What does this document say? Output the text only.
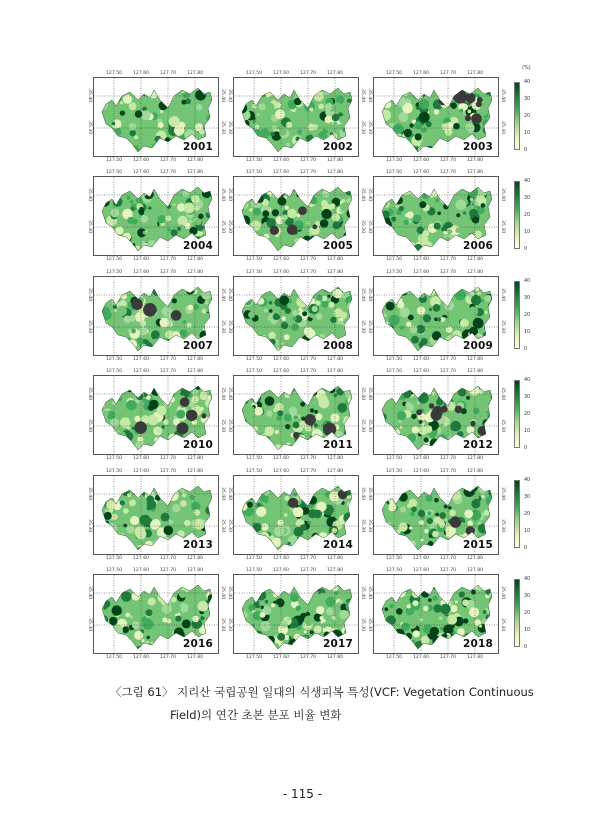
2001
127.50
127.50
127.60
127.60
127.70
127.70
127.80
127.80
35.40	35.40
35.30	35.30
2002
127.50
127.50
127.60
127.60
127.70
127.70
127.80
127.80
35.40	35.40
35.30	35.30
2003
127.50
127.50
127.60
127.60
127.70
127.70
127.80
127.80
35.40	35.40
35.30	35.30
2004
127.50
127.50
127.60
127.60
127.70
127.70
127.80
127.80
35.40	35.40
35.30	35.30
2005
127.50
127.50
127.60
127.60
127.70
127.70
127.80
127.80
35.40	35.40
35.30	35.30
2006
127.50
127.50
127.60
127.60
127.70
127.70
127.80
127.80
35.40	35.40
35.30	35.30
2007
127.50
127.50
127.60
127.60
127.70
127.70
127.80
127.80
35.40	35.40
35.30	35.30
2008
127.50
127.50
127.60
127.60
127.70
127.70
127.80
127.80
35.40	35.40
35.30	35.30
2009
127.50
127.50
127.60
127.60
127.70
127.70
127.80
127.80
35.40	35.40
35.30	35.30
2010
127.50
127.50
127.60
127.60
127.70
127.70
127.80
127.80
35.40	35.40
35.30	35.30
2011
127.50
127.50
127.60
127.60
127.70
127.70
127.80
127.80
35.40	35.40
35.30	35.30
2012
127.50
127.50
127.60
127.60
127.70
127.70
127.80
127.80
35.40	35.40
35.30	35.30
2013
127.50
127.50
127.60
127.60
127.70
127.70
127.80
127.80
35.40	35.40
35.30	35.30
2014
127.50
127.50
127.60
127.60
127.70
127.70
127.80
127.80
35.40	35.40
35.30	35.30
2015
127.50
127.50
127.60
127.60
127.70
127.70
127.80
127.80
35.40	35.40
35.30	35.30
2016
127.50
127.50
127.60
127.60
127.70
127.70
127.80
127.80
35.40	35.40
35.30	35.30
2017
127.50
127.50
127.60
127.60
127.70
127.70
127.80
127.80
35.40	35.40
35.30	35.30
2018
127.50
127.50
127.60
127.60
127.70
127.70
127.80
127.80
35.40	35.40
35.30	35.30
40
30
20
10
0
40
30
20
10
0
40
30
20
10
0
40
30
20
10
0
40
30
20
10
0
40
30
20
10
0
(%)
〈그림 61〉 지리산 국립공원 일대의 식생피복 특성(VCF: Vegetation Continuous
Field)의 연간 초본 분포 비율 변화
- 115 -
